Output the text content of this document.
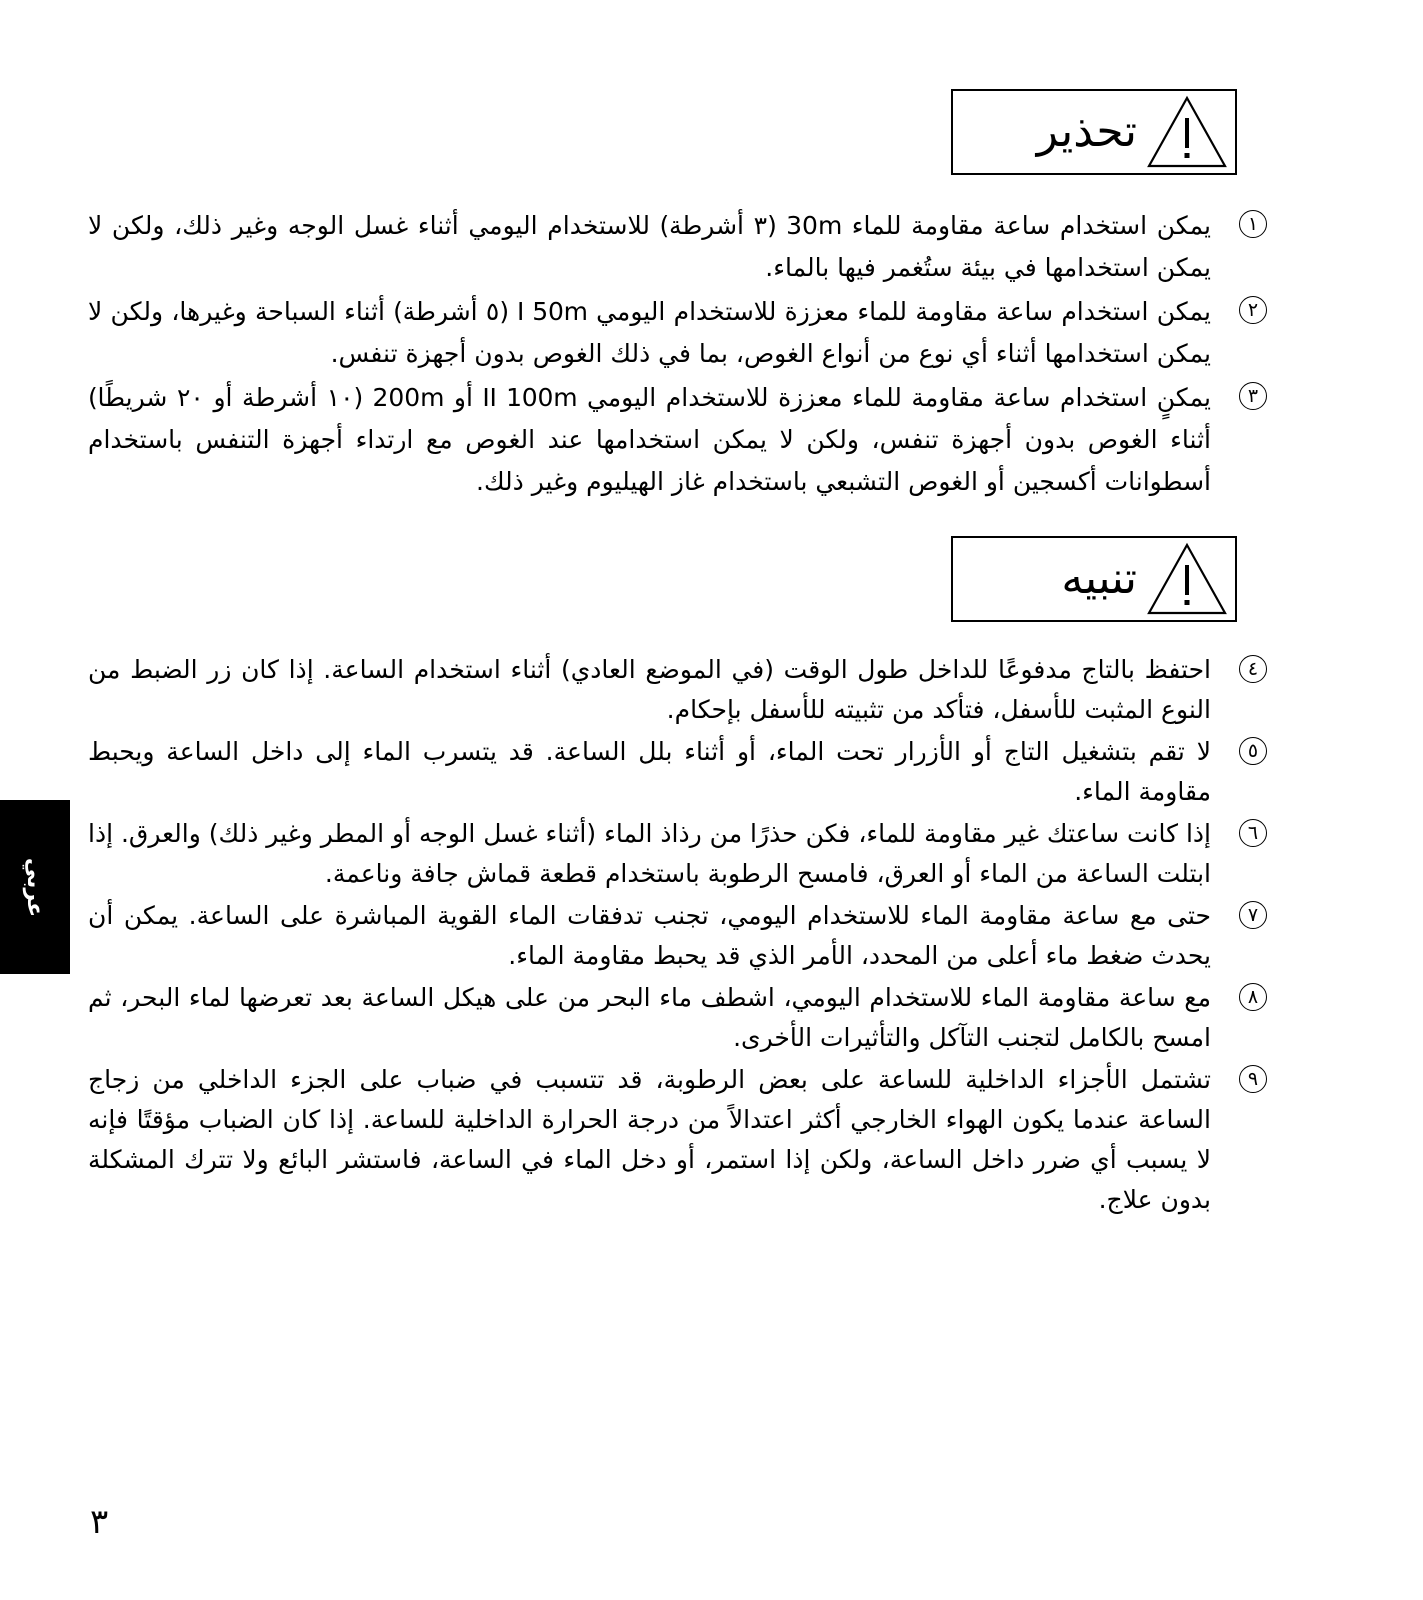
تحذير
١
يمكن استخدام ساعة مقاومة للماء 30m (٣ أشرطة) للاستخدام اليومي أثناء غسل الوجه وغير ذلك، ولكن لا يمكن استخدامها في بيئة ستُغمر فيها بالماء.
٢
يمكن استخدام ساعة مقاومة للماء معززة للاستخدام اليومي I 50m (٥ أشرطة) أثناء السباحة وغيرها، ولكن لا يمكن استخدامها أثناء أي نوع من أنواع الغوص، بما في ذلك الغوص بدون أجهزة تنفس.
٣
يمكنٍ استخدام ساعة مقاومة للماء معززة للاستخدام اليومي II 100m أو 200m (١٠ أشرطة أو ٢٠ شريطًا) أثناء الغوص بدون أجهزة تنفس، ولكن لا يمكن استخدامها عند الغوص مع ارتداء أجهزة التنفس باستخدام أسطوانات أكسجين أو الغوص التشبعي باستخدام غاز الهيليوم وغير ذلك.
تنبيه
٤
احتفظ بالتاج مدفوعًا للداخل طول الوقت (في الموضع العادي) أثناء استخدام الساعة. إذا كان زر الضبط من النوع المثبت للأسفل، فتأكد من تثبيته للأسفل بإحكام.
٥
لا تقم بتشغيل التاج أو الأزرار تحت الماء، أو أثناء بلل الساعة. قد يتسرب الماء إلى داخل الساعة ويحبط مقاومة الماء.
٦
إذا كانت ساعتك غير مقاومة للماء، فكن حذرًا من رذاذ الماء (أثناء غسل الوجه أو المطر وغير ذلك) والعرق. إذا ابتلت الساعة من الماء أو العرق، فامسح الرطوبة باستخدام قطعة قماش جافة وناعمة.
٧
حتى مع ساعة مقاومة الماء للاستخدام اليومي، تجنب تدفقات الماء القوية المباشرة على الساعة. يمكن أن يحدث ضغط ماء أعلى من المحدد، الأمر الذي قد يحبط مقاومة الماء.
٨
مع ساعة مقاومة الماء للاستخدام اليومي، اشطف ماء البحر من على هيكل الساعة بعد تعرضها لماء البحر، ثم امسح بالكامل لتجنب التآكل والتأثيرات الأخرى.
٩
تشتمل الأجزاء الداخلية للساعة على بعض الرطوبة، قد تتسبب في ضباب على الجزء الداخلي من زجاج الساعة عندما يكون الهواء الخارجي أكثر اعتدالاً من درجة الحرارة الداخلية للساعة. إذا كان الضباب مؤقتًا فإنه لا يسبب أي ضرر داخل الساعة، ولكن إذا استمر، أو دخل الماء في الساعة، فاستشر البائع ولا تترك المشكلة بدون علاج.
عربي
٣
